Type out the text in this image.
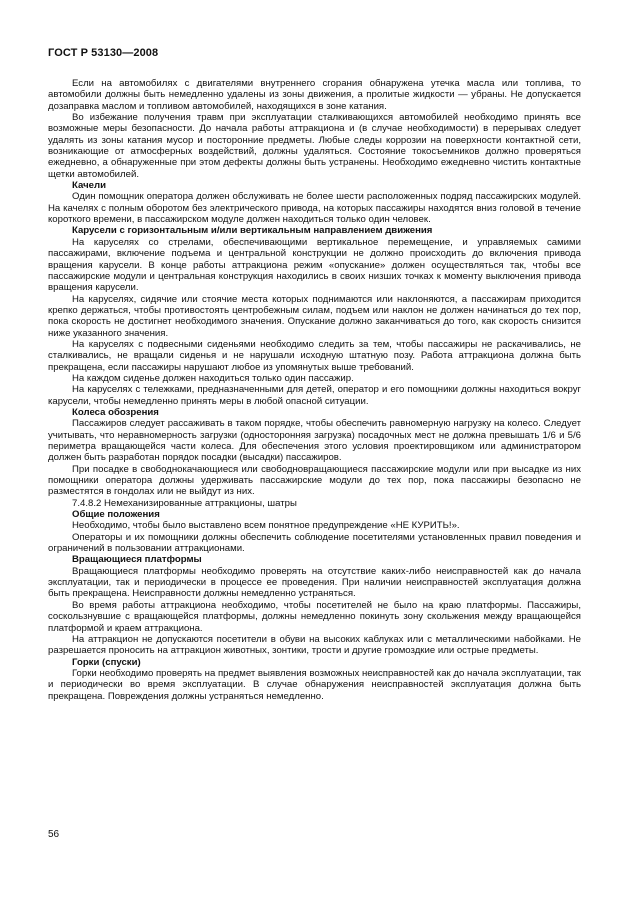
ГОСТ Р 53130—2008

Если на автомобилях с двигателями внутреннего сгорания обнаружена утечка масла или топлива, то автомобили должны быть немедленно удалены из зоны движения, а пролитые жидкости — убраны. Не допускается дозаправка маслом и топливом автомобилей, находящихся в зоне катания.

Во избежание получения травм при эксплуатации сталкивающихся автомобилей необходимо принять все возможные меры безопасности. До начала работы аттракциона и (в случае необходимости) в перерывах следует удалять из зоны катания мусор и посторонние предметы. Любые следы коррозии на поверхности контактной сети, возникающие от атмосферных воздействий, должны удаляться. Состояние токосъемников должно проверяться ежедневно, а обнаруженные при этом дефекты должны быть устранены. Необходимо ежедневно чистить контактные щетки автомобилей.

Качели

Один помощник оператора должен обслуживать не более шести расположенных подряд пассажирских модулей. На качелях с полным оборотом без электрического привода, на которых пассажиры находятся вниз головой в течение короткого времени, в пассажирском модуле должен находиться только один человек.

Карусели с горизонтальным и/или вертикальным направлением движения

На каруселях со стрелами, обеспечивающими вертикальное перемещение, и управляемых самими пассажирами, включение подъема и центральной конструкции не должно происходить до включения привода вращения карусели. В конце работы аттракциона режим «опускание» должен осуществляться так, чтобы все пассажирские модули и центральная конструкция находились в своих низших точках к моменту выключения привода вращения карусели.

На каруселях, сидячие или стоячие места которых поднимаются или наклоняются, а пассажирам приходится крепко держаться, чтобы противостоять центробежным силам, подъем или наклон не должен начинаться до тех пор, пока скорость не достигнет необходимого значения. Опускание должно заканчиваться до того, как скорость снизится ниже указанного значения.

На каруселях с подвесными сиденьями необходимо следить за тем, чтобы пассажиры не раскачивались, не сталкивались, не вращали сиденья и не нарушали исходную штатную позу. Работа аттракциона должна быть прекращена, если пассажиры нарушают любое из упомянутых выше требований.

На каждом сиденье должен находиться только один пассажир.

На каруселях с тележками, предназначенными для детей, оператор и его помощники должны находиться вокруг карусели, чтобы немедленно принять меры в любой опасной ситуации.

Колеса обозрения

Пассажиров следует рассаживать в таком порядке, чтобы обеспечить равномерную нагрузку на колесо. Следует учитывать, что неравномерность загрузки (односторонняя загрузка) посадочных мест не должна превышать 1/6 и 5/6 периметра вращающейся части колеса. Для обеспечения этого условия проектировщиком или администратором должен быть разработан порядок посадки (высадки) пассажиров.

При посадке в свободнокачающиеся или свободновращающиеся пассажирские модули или при высадке из них помощники оператора должны удерживать пассажирские модули до тех пор, пока пассажиры безопасно не разместятся в гондолах или не выйдут из них.

7.4.8.2 Немеханизированные аттракционы, шатры

Общие положения

Необходимо, чтобы было выставлено всем понятное предупреждение «НЕ КУРИТЬ!».

Операторы и их помощники должны обеспечить соблюдение посетителями установленных правил поведения и ограничений в пользовании аттракционами.

Вращающиеся платформы

Вращающиеся платформы необходимо проверять на отсутствие каких-либо неисправностей как до начала эксплуатации, так и периодически в процессе ее проведения. При наличии неисправностей эксплуатация должна быть прекращена. Неисправности должны немедленно устраняться.

Во время работы аттракциона необходимо, чтобы посетителей не было на краю платформы. Пассажиры, соскользнувшие с вращающейся платформы, должны немедленно покинуть зону скольжения между вращающейся платформой и краем аттракциона.

На аттракцион не допускаются посетители в обуви на высоких каблуках или с металлическими набойками. Не разрешается проносить на аттракцион животных, зонтики, трости и другие громоздкие или острые предметы.

Горки (спуски)

Горки необходимо проверять на предмет выявления возможных неисправностей как до начала эксплуатации, так и периодически во время эксплуатации. В случае обнаружения неисправностей эксплуатация должна быть прекращена. Повреждения должны устраняться немедленно.

56
